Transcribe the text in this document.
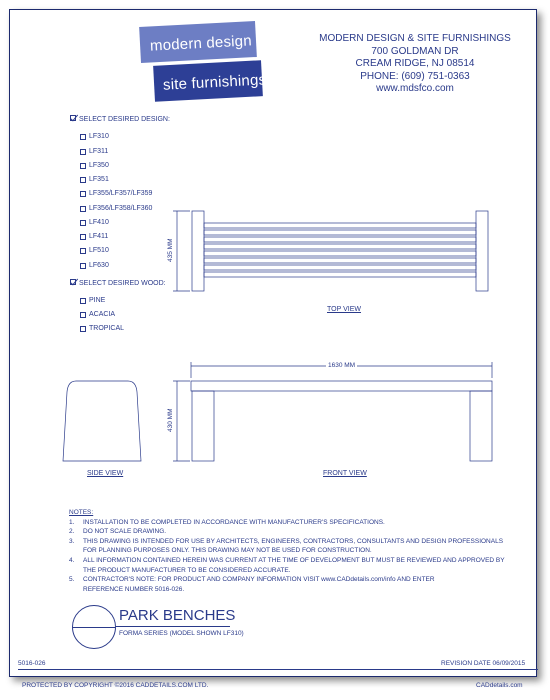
modern design
site furnishings
MODERN DESIGN & SITE FURNISHINGS
700 GOLDMAN DR
CREAM RIDGE, NJ 08514
PHONE: (609) 751-0363
www.mdsfco.com
SELECT DESIRED DESIGN:
LF310
LF311
LF350
LF351
LF355/LF357/LF359
LF356/LF358/LF360
LF410
LF411
LF510
LF630
SELECT DESIRED WOOD:
PINE
ACACIA
TROPICAL
435 MM
430 MM
1630 MM
TOP VIEW
SIDE VIEW	FRONT VIEW
NOTES:
1.	INSTALLATION TO BE COMPLETED IN ACCORDANCE WITH MANUFACTURER'S SPECIFICATIONS.
2.	DO NOT SCALE DRAWING.
3.	THIS DRAWING IS INTENDED FOR USE BY ARCHITECTS, ENGINEERS, CONTRACTORS, CONSULTANTS AND DESIGN PROFESSIONALS
FOR PLANNING PURPOSES ONLY. THIS DRAWING MAY NOT BE USED FOR CONSTRUCTION.
4.	ALL INFORMATION CONTAINED HEREIN WAS CURRENT AT THE TIME OF DEVELOPMENT BUT MUST BE REVIEWED AND APPROVED BY
THE PRODUCT MANUFACTURER TO BE CONSIDERED ACCURATE.
5.	CONTRACTOR'S NOTE: FOR PRODUCT AND COMPANY INFORMATION VISIT www.CADdetails.com/info AND ENTER
REFERENCE NUMBER 5016-026.
PARK BENCHES
FORMA SERIES (MODEL SHOWN LF310)
5016-026	REVISION DATE 06/09/2015
PROTECTED BY COPYRIGHT ©2016 CADDETAILS.COM LTD.	CADdetails.com
